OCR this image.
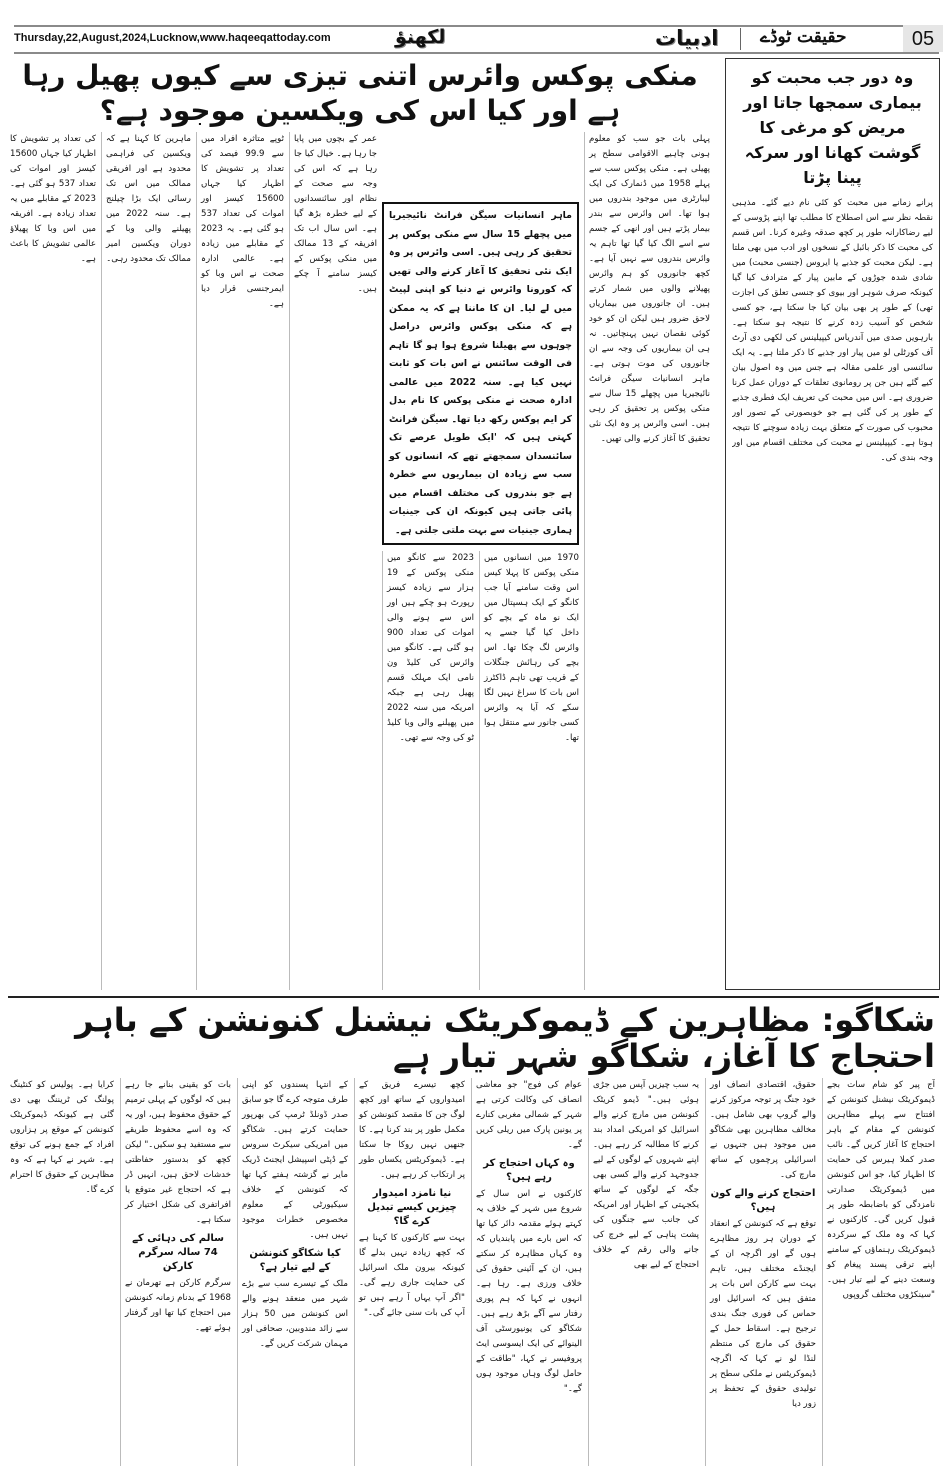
Thursday,22,August,2024,Lucknow,www.haqeeqattoday.com	لکھنؤ	ادبیات حقیقت ٹوڈے	05
منکی پوکس وائرس اتنی تیزی سے کیوں پھیل رہا ہے اور کیا اس کی ویکسین موجود ہے؟
کی تعداد پر تشویش کا اظہار کیا جہاں 15600 کیسز اور اموات کی تعداد 537 ہو گئی ہے۔ 2023 کے مقابلے میں یہ تعداد زیادہ ہے۔ افریقہ میں اس وبا کا پھیلاؤ عالمی تشویش کا باعث ہے۔
ماہرین کا کہنا ہے کہ ویکسین کی فراہمی محدود ہے اور افریقی ممالک میں اس تک رسائی ایک بڑا چیلنج ہے۔ سنہ 2022 میں پھیلنے والی وبا کے دوران ویکسین امیر ممالک تک محدود رہی۔
ٹوپے متاثرہ افراد میں سے 99.9 فیصد کی تعداد پر تشویش کا اظہار کیا جہاں 15600 کیسز اور اموات کی تعداد 537 ہو گئی ہے۔ یہ 2023 کے مقابلے میں زیادہ ہے۔ عالمی ادارہ صحت نے اس وبا کو ایمرجنسی قرار دیا ہے۔
عمر کے بچوں میں پایا جا رہا ہے۔ خیال کیا جا رہا ہے کہ اس کی وجہ سے صحت کے نظام اور سائنسدانوں کے لیے خطرہ بڑھ گیا ہے۔ اس سال اب تک افریقہ کے 13 ممالک میں منکی پوکس کے کیسز سامنے آ چکے ہیں۔
ماہر انسانیات سیگن فرانٹ نائیجیریا میں پچھلے 15 سال سے منکی پوکس پر تحقیق کر رہی ہیں۔ اسی وائرس پر وہ ایک نئی تحقیق کا آغاز کرنے والی تھیں کہ کورونا وائرس نے دنیا کو اپنی لپیٹ میں لے لیا۔ ان کا ماننا ہے کہ یہ ممکن ہے کہ منکی پوکس وائرس دراصل چوہوں سے پھیلنا شروع ہوا ہو گا تاہم فی الوقت سائنس نے اس بات کو ثابت نہیں کیا ہے۔ سنہ 2022 میں عالمی ادارہ صحت نے منکی پوکس کا نام بدل کر ایم پوکس رکھ دیا تھا۔ سیگن فرانٹ کہتی ہیں کہ 'ایک طویل عرصے تک سائنسدان سمجھتے تھے کہ انسانوں کو سب سے زیادہ ان بیماریوں سے خطرہ ہے جو بندروں کی مختلف اقسام میں پائی جاتی ہیں کیونکہ ان کی جینیات ہماری جینیات سے بہت ملتی جلتی ہے۔
2023 سے کانگو میں منکی پوکس کے 19 ہزار سے زیادہ کیسز رپورٹ ہو چکے ہیں اور اس سے ہونے والی اموات کی تعداد 900 ہو گئی ہے۔ کانگو میں وائرس کی کلیڈ ون نامی ایک مہلک قسم پھیل رہی ہے جبکہ امریکہ میں سنہ 2022 میں پھیلنے والی وبا کلیڈ ٹو کی وجہ سے تھی۔
1970 میں انسانوں میں منکی پوکس کا پہلا کیس اس وقت سامنے آیا جب کانگو کے ایک ہسپتال میں ایک نو ماہ کے بچے کو داخل کیا گیا جسے یہ وائرس لگ چکا تھا۔ اس بچے کی رہائش جنگلات کے قریب تھی تاہم ڈاکٹرز اس بات کا سراغ نہیں لگا سکے کہ آیا یہ وائرس کسی جانور سے منتقل ہوا تھا۔
پہلی بات جو سب کو معلوم ہونی چاہیے الاقوامی سطح پر پھیلی ہے۔ منکی پوکس سب سے پہلے 1958 میں ڈنمارک کی ایک لیبارٹری میں موجود بندروں میں ہوا تھا۔ اس وائرس سے بندر بیمار پڑتے ہیں اور انھی کے جسم سے اسے الگ کیا گیا تھا تاہم یہ وائرس بندروں سے نہیں آیا ہے۔ کچھ جانوروں کو ہم وائرس پھیلانے والوں میں شمار کرتے ہیں۔ ان جانوروں میں بیماریاں لاحق ضرور ہیں لیکن ان کو خود کوئی نقصان نہیں پہنچاتیں۔ نہ ہی ان بیماریوں کی وجہ سے ان جانوروں کی موت ہوتی ہے۔ ماہر انسانیات سیگن فرانٹ نائیجیریا میں پچھلے 15 سال سے منکی پوکس پر تحقیق کر رہی ہیں۔ اسی وائرس پر وہ ایک نئی تحقیق کا آغاز کرنے والی تھیں۔
وہ دور جب محبت کو بیماری سمجھا جاتا اور مریض کو مرغی کا گوشت کھانا اور سرکہ پینا پڑتا
پرانے زمانے میں محبت کو کئی نام دیے گئے۔ مذہبی نقطہ نظر سے اس اصطلاح کا مطلب تھا اپنے پڑوسی کے لیے رضاکارانہ طور پر کچھ صدقہ وغیرہ کرنا۔ اس قسم کی محبت کا ذکر بائبل کے نسخوں اور ادب میں بھی ملتا ہے۔ لیکن محبت کو جذبے یا ایروس (جنسی محبت) میں شادی شدہ جوڑوں کے مابین پیار کے مترادف کیا گیا کیونکہ صرف شوہر اور بیوی کو جنسی تعلق کی اجازت تھی) کے طور پر بھی بیان کیا جا سکتا ہے، جو کسی شخص کو آسیب زدہ کرنے کا نتیجہ ہو سکتا ہے۔ بارہویں صدی میں آندریاس کیپیلینس کی لکھی دی آرٹ آف کورٹلی لو میں پیار اور جذبے کا ذکر ملتا ہے۔ یہ ایک سائنسی اور علمی مقالہ ہے جس میں وہ اصول بیان کیے گئے ہیں جن پر رومانوی تعلقات کے دوران عمل کرنا ضروری ہے۔ اس میں محبت کی تعریف ایک فطری جذبے کے طور پر کی گئی ہے جو خوبصورتی کے تصور اور محبوب کی صورت کے متعلق بہت زیادہ سوچنے کا نتیجہ ہوتا ہے۔ کیپیلینس نے محبت کی مختلف اقسام میں اور وجہ بندی کی۔
شکاگو: مظاہرین کے ڈیموکریٹک نیشنل کنونشن کے باہر احتجاج کا آغاز، شکاگو شہر تیار ہے
کرایا ہے۔ پولیس کو کنٹینگ پولنگ کی ٹریننگ بھی دی گئی ہے کیونکہ ڈیموکریٹک کنونشن کے موقع پر ہزاروں افراد کے جمع ہونے کی توقع ہے۔ شہر نے کہا ہے کہ وہ مظاہرین کے حقوق کا احترام کرے گا۔
بات کو یقینی بنانے جا رہے ہیں کہ لوگوں کے پہلی ترمیم کے حقوق محفوظ ہیں، اور یہ کہ وہ اسے محفوظ طریقے سے مستفید ہو سکیں۔" لیکن کچھ کو بدستور حفاظتی خدشات لاحق ہیں، انہیں ڈر ہے کہ احتجاج غیر متوقع یا افراتفری کی شکل اختیار کر سکتا ہے۔
سالم کی دہائی کے 74 سالہ سرگرم کارکن
سرگرم کارکن ہے تھرمان نے 1968 کے بدنام زمانہ کنونشن میں احتجاج کیا تھا اور گرفتار ہوئے تھے۔
کے انتہا پسندوں کو اپنی طرف متوجہ کرے گا جو سابق صدر ڈونلڈ ٹرمپ کی بھرپور حمایت کرتے ہیں۔ شکاگو میں امریکی سیکرٹ سروس کے ڈپٹی اسپیشل ایجنٹ ڈریک مایر نے گزشتہ ہفتے کہا تھا کہ کنونشن کے خلاف سیکیورٹی کے معلوم مخصوص خطرات موجود نہیں ہیں۔
کیا شکاگو کنونشن کے لیے تیار ہے؟
ملک کے تیسرے سب سے بڑے شہر میں منعقد ہونے والے اس کنونشن میں 50 ہزار سے زائد مندوبین، صحافی اور مہمان شرکت کریں گے۔
کچھ تیسرے فریق کے امیدواروں کے ساتھ اور کچھ لوگ جن کا مقصد کنونشن کو مکمل طور پر بند کرنا ہے۔ کا جنھیں نہیں روکا جا سکتا ہے۔ ڈیموکریٹس یکساں طور پر ارتکاب کر رہے ہیں۔
نیا نامزد امیدوار چیزیں کیسے تبدیل کرے گا؟
بہت سے کارکنوں کا کہنا ہے کہ کچھ زیادہ نہیں بدلے گا کیونکہ بیرون ملک اسرائیل کی حمایت جاری رہے گی۔ "اگر آپ یہاں آ رہے ہیں تو آپ کی بات سنی جائے گی۔"
عوام کی فوج" جو معاشی انصاف کی وکالت کرتی ہے شہر کے شمالی مغربی کنارے پر یونین پارک میں ریلی کریں گے۔
وہ کہاں احتجاج کر رہے ہیں؟
کارکنوں نے اس سال کے شروع میں شہر کے خلاف یہ کہتے ہوئے مقدمہ دائر کیا تھا کہ اس بارے میں پابندیاں کہ وہ کہاں مظاہرہ کر سکتے ہیں، ان کے آئینی حقوق کی خلاف ورزی ہے۔ رہا ہے۔ انہوں نے کہا کہ ہم پوری رفتار سے آگے بڑھ رہے ہیں۔ شکاگو کی یونیورسٹی آف الینوائے کی ایک ایسوسی ایٹ پروفیسر نے کہا، "طاقت کے حامل لوگ وہاں موجود ہوں گے۔"
یہ سب چیزیں آپس میں جڑی ہوئی ہیں۔" ڈیمو کریٹک کنونشن میں مارچ کرنے والے اسرائیل کو امریکی امداد بند کرنے کا مطالبہ کر رہے ہیں۔ اپنے شہروں کے لوگوں کے لیے جدوجہد کرنے والے کسی بھی جگہ کے لوگوں کے ساتھ یکجہتی کے اظہار اور امریکہ کی جانب سے جنگوں کی پشت پناہی کے لیے خرچ کی جانے والی رقم کے خلاف احتجاج کے لیے بھی
حقوق، اقتصادی انصاف اور خود جنگ پر توجہ مرکوز کرنے والے گروپ بھی شامل ہیں۔ مخالف مظاہرین بھی شکاگو میں موجود ہیں جنہوں نے اسرائیلی پرچموں کے ساتھ مارچ کی۔
احتجاج کرنے والے کون ہیں؟
توقع ہے کہ کنونشن کے انعقاد کے دوران ہر روز مظاہرے ہوں گے اور اگرچہ ان کے ایجنڈے مختلف ہیں، تاہم بہت سے کارکن اس بات پر متفق ہیں کہ اسرائیل اور حماس کی فوری جنگ بندی ترجیح ہے۔ اسقاط حمل کے حقوق کی مارچ کی منتظم لنڈا لو نے کہا کہ اگرچہ ڈیموکریٹس نے ملکی سطح پر تولیدی حقوق کے تحفظ پر زور دیا
آج پیر کو شام سات بجے ڈیموکریٹک نیشنل کنونشن کے افتتاح سے پہلے مظاہرین کنونشن کے مقام کے باہر احتجاج کا آغاز کریں گے۔ نائب صدر کملا ہیرس کی حمایت کا اظہار کیا، جو اس کنونشن میں ڈیموکریٹک صدارتی نامزدگی کو باضابطہ طور پر قبول کریں گی۔ کارکنوں نے کہا کہ وہ ملک کے سرکردہ ڈیموکریٹک رہنماؤں کے سامنے اپنے ترقی پسند پیغام کو وسعت دینے کے لیے تیار ہیں۔ "سینکڑوں مختلف گروپوں
